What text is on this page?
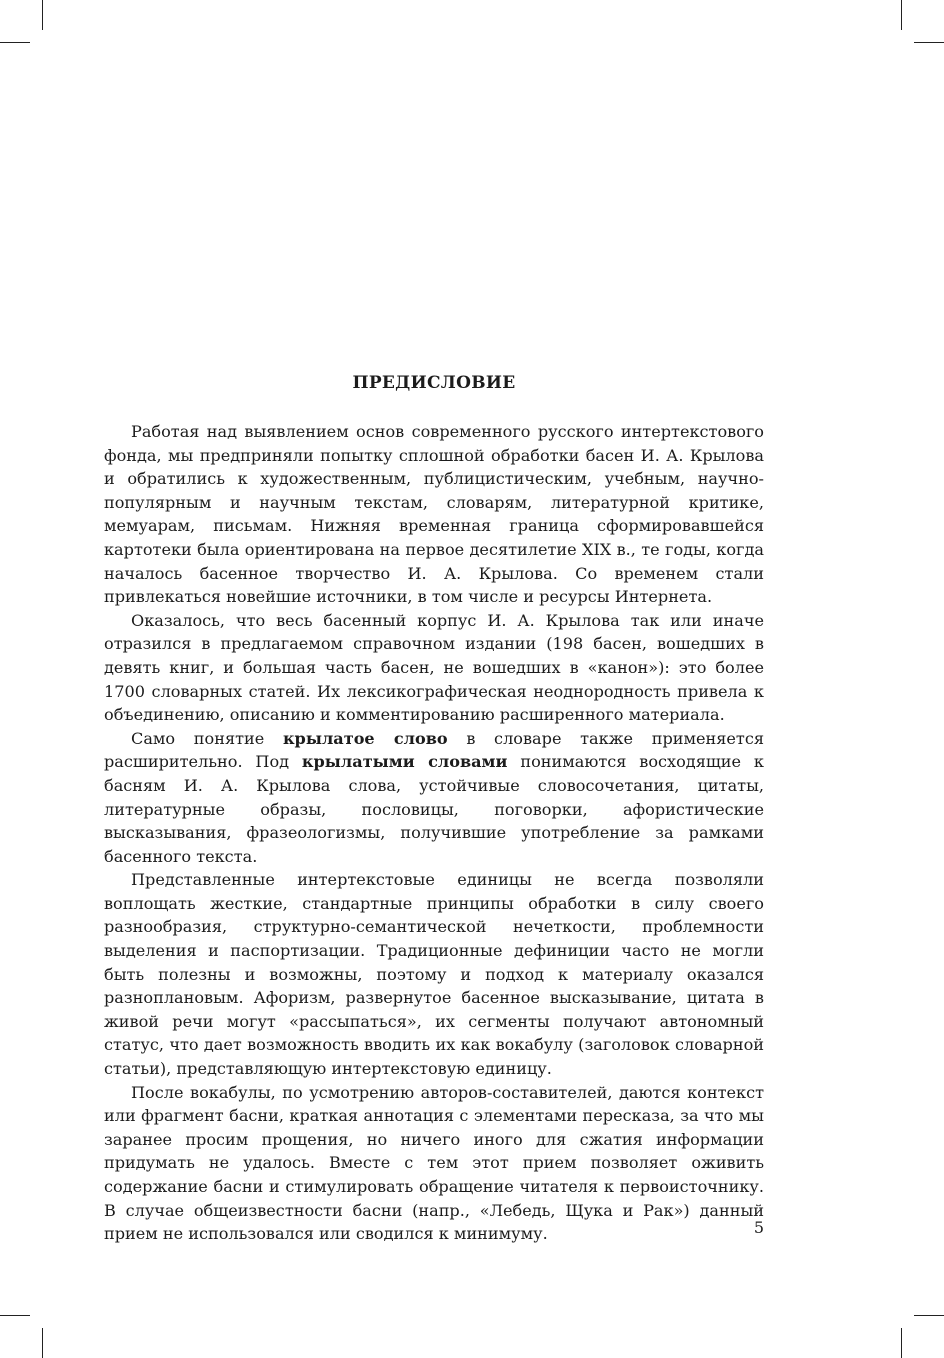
ПРЕДИСЛОВИЕ

Работая над выявлением основ современного русского интертекстового фонда, мы предприняли попытку сплошной обработки басен И. А. Крылова и обратились к художественным, публицистическим, учебным, научно-популярным и научным текстам, словарям, литературной критике, мемуарам, письмам. Нижняя временная граница сформировавшейся картотеки была ориентирована на первое десятилетие XIX в., те годы, когда началось басенное творчество И. А. Крылова. Со временем стали привлекаться новейшие источники, в том числе и ресурсы Интернета.

Оказалось, что весь басенный корпус И. А. Крылова так или иначе отразился в предлагаемом справочном издании (198 басен, вошедших в девять книг, и большая часть басен, не вошедших в «канон»): это более 1700 словарных статей. Их лексикографическая неоднородность привела к объединению, описанию и комментированию расширенного материала.

Само понятие крылатое слово в словаре также применяется расширительно. Под крылатыми словами понимаются восходящие к басням И. А. Крылова слова, устойчивые словосочетания, цитаты, литературные образы, пословицы, поговорки, афористические высказывания, фразеологизмы, получившие употребление за рамками басенного текста.

Представленные интертекстовые единицы не всегда позволяли воплощать жесткие, стандартные принципы обработки в силу своего разнообразия, структурно-семантической нечеткости, проблемности выделения и паспортизации. Традиционные дефиниции часто не могли быть полезны и возможны, поэтому и подход к материалу оказался разноплановым. Афоризм, развернутое басенное высказывание, цитата в живой речи могут «рассыпаться», их сегменты получают автономный статус, что дает возможность вводить их как вокабулу (заголовок словарной статьи), представляющую интертекстовую единицу.

После вокабулы, по усмотрению авторов-составителей, даются контекст или фрагмент басни, краткая аннотация с элементами пересказа, за что мы заранее просим прощения, но ничего иного для сжатия информации придумать не удалось. Вместе с тем этот прием позволяет оживить содержание басни и стимулировать обращение читателя к первоисточнику. В случае общеизвестности басни (напр., «Лебедь, Щука и Рак») данный прием не использовался или сводился к минимуму.	5
